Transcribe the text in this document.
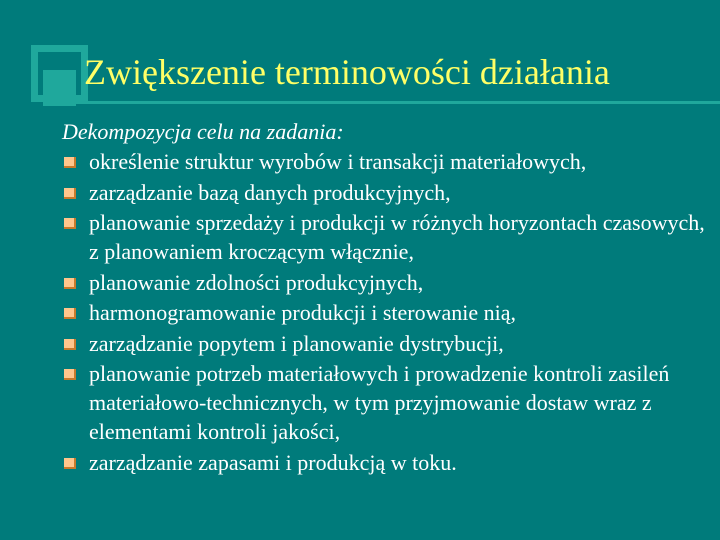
Zwiększenie terminowości działania
Dekompozycja celu na zadania:
określenie struktur wyrobów i transakcji materiałowych,
zarządzanie bazą danych produkcyjnych,
planowanie sprzedaży i produkcji w różnych horyzontach czasowych, z planowaniem kroczącym włącznie,
planowanie zdolności produkcyjnych,
harmonogramowanie produkcji i sterowanie nią,
zarządzanie popytem i planowanie dystrybucji,
planowanie potrzeb materiałowych i prowadzenie kontroli zasileń materiałowo-technicznych, w tym przyjmowanie dostaw wraz z elementami kontroli jakości,
zarządzanie zapasami i produkcją w toku.
